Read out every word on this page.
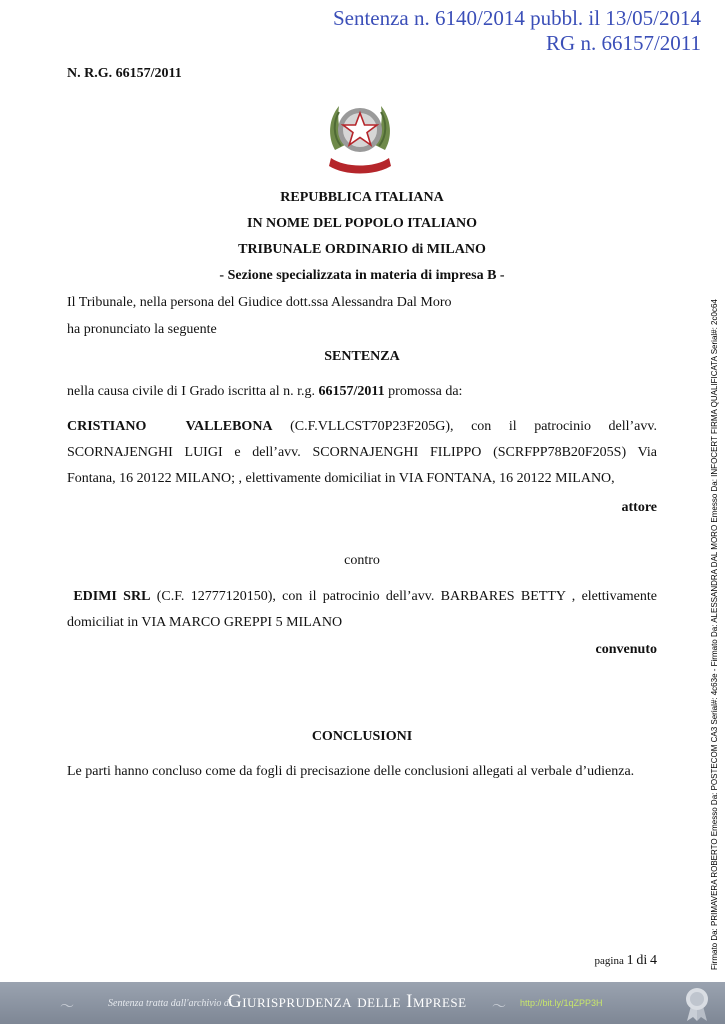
Sentenza n. 6140/2014 pubbl. il 13/05/2014
RG n. 66157/2011
N. R.G. 66157/2011
REPUBBLICA ITALIANA
IN NOME DEL POPOLO ITALIANO
TRIBUNALE ORDINARIO di MILANO
- Sezione specializzata in materia di impresa B -
Il Tribunale, nella persona del Giudice dott.ssa Alessandra Dal Moro
ha pronunciato la seguente
SENTENZA
nella causa civile di I Grado iscritta al n. r.g. 66157/2011 promossa da:
CRISTIANO VALLEBONA (C.F.VLLCST70P23F205G), con il patrocinio dell’avv.
SCORNAJENGHI LUIGI e dell’avv. SCORNAJENGHI FILIPPO (SCRFPP78B20F205S) Via
Fontana, 16 20122 MILANO; , elettivamente domiciliat in VIA FONTANA, 16 20122 MILANO,
attore
contro
EDIMI SRL (C.F. 12777120150), con il patrocinio dell’avv. BARBARES BETTY , elettivamente
domiciliat in VIA MARCO GREPPI 5 MILANO
convenuto
CONCLUSIONI
Le parti hanno concluso come da fogli di precisazione delle conclusioni allegati al verbale d’udienza.	Firmato Da: PRIMAVERA ROBERTO Emesso Da: POSTECOM CA3 Serial#: 4c63e - Firmato Da: ALESSANDRA DAL MORO Emesso Da: INFOCERT FIRMA QUALIFICATA Serial#: 2c0c64
pagina 1 di 4
〜	Sentenza tratta dall'archivio di
Giurisprudenza delle Imprese 〜 http://bit.ly/1qZPP3H
